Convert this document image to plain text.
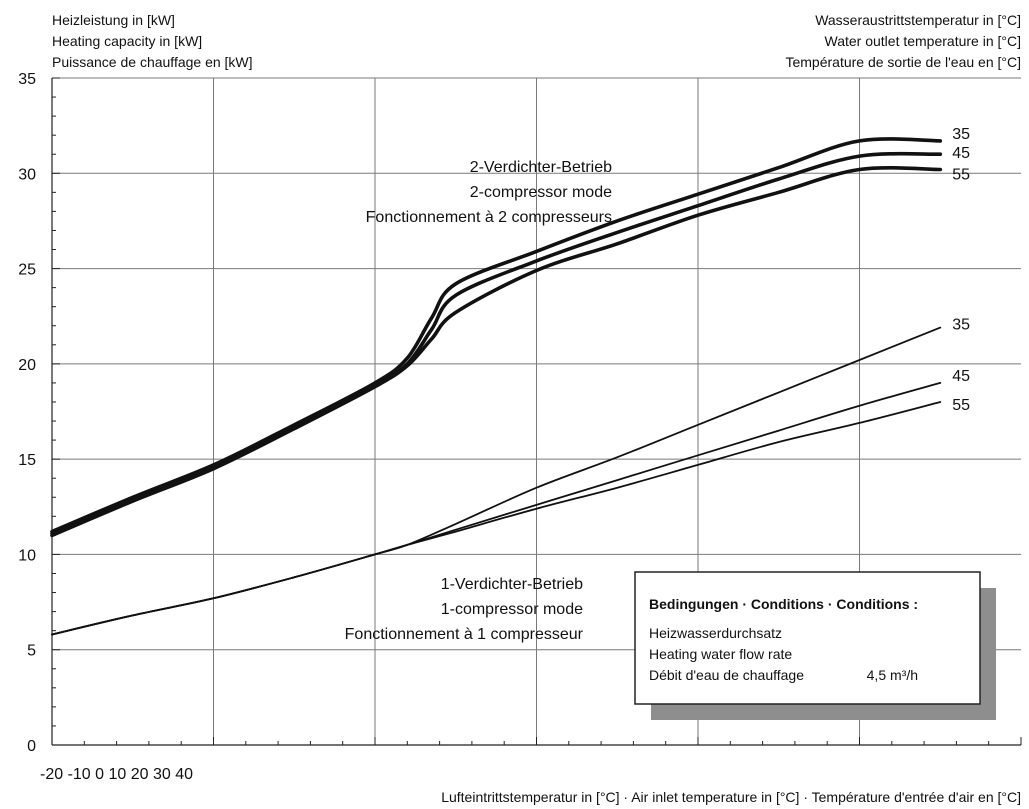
Heizleistung in [kW]
Heating capacity in [kW]
Puissance de chauffage en [kW]
Wasseraustrittstemperatur in [°C]
Water outlet temperature in [°C]
Température de sortie de l'eau en [°C]
0
5
10
15
20
25
30
35
-20 -10 0 10 20 30 40
Lufteintrittstemperatur in [°C] · Air inlet temperature in [°C] · Température d'entrée d'air en [°C]
2-Verdichter-Betrieb
2-compressor mode
Fonctionnement à 2 compresseurs
1-Verdichter-Betrieb
1-compressor mode
Fonctionnement à 1 compresseur
35
45
55
35
45
55
Bedingungen · Conditions · Conditions :
Heizwasserdurchsatz
Heating water flow rate
Débit d'eau de chauffage	4,5 m³/h
